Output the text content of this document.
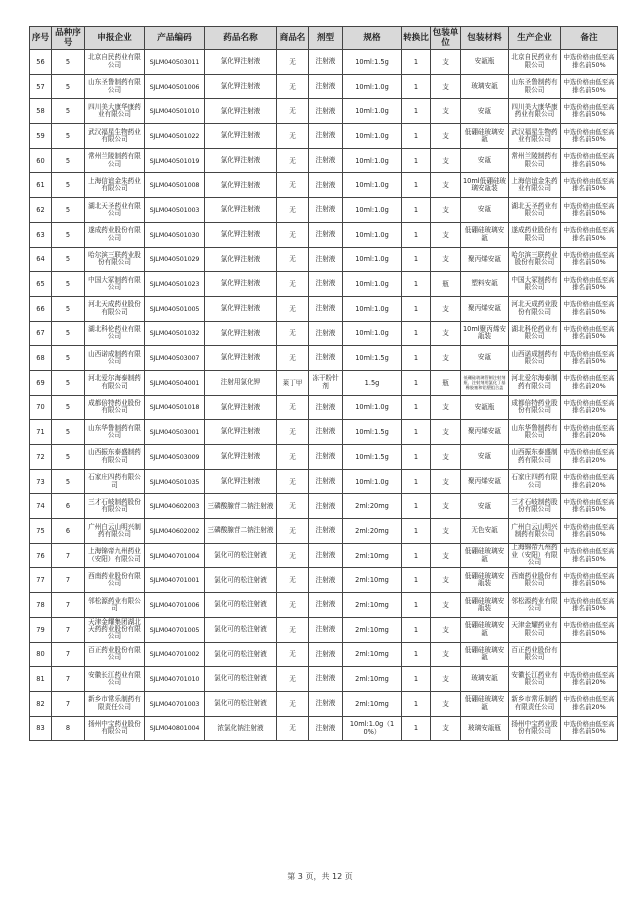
序号	品种序号	申报企业	产品编码	药品名称	商品名	剂型	规格	转换比	包装单位	包装材料	生产企业	备注
56	5	北京自民药业有限公司	SJLM040503011	氯化钾注射液	无	注射液	10ml:1.5g	1	支	安瓿瓶	北京自民药业有限公司	中选价格由低至高排名前50%
57	5	山东圣鲁制药有限公司	SJLM040501006	氯化钾注射液	无	注射液	10ml:1.0g	1	支	玻璃安瓿	山东圣鲁制药有限公司	中选价格由低至高排名前50%
58	5	四川美大康华康药业有限公司	SJLM040501010	氯化钾注射液	无	注射液	10ml:1.0g	1	支	安瓿	四川美大康华康药业有限公司	中选价格由低至高排名前50%
59	5	武汉福星生物药业有限公司	SJLM040501022	氯化钾注射液	无	注射液	10ml:1.0g	1	支	低硼硅玻璃安瓿	武汉福星生物药业有限公司	中选价格由低至高排名前50%
60	5	常州兰陵制药有限公司	SJLM040501019	氯化钾注射液	无	注射液	10ml:1.0g	1	支	安瓿	常州兰陵制药有限公司	中选价格由低至高排名前50%
61	5	上海信谊金朱药业有限公司	SJLM040501008	氯化钾注射液	无	注射液	10ml:1.0g	1	支	10ml低硼硅玻璃安瓿装	上海信谊金朱药业有限公司	中选价格由低至高排名前50%
62	5	湖北天圣药业有限公司	SJLM040501003	氯化钾注射液	无	注射液	10ml:1.0g	1	支	安瓿	湖北天圣药业有限公司	中选价格由低至高排名前50%
63	5	遂成药业股份有限公司	SJLM040501030	氯化钾注射液	无	注射液	10ml:1.0g	1	支	低硼硅玻璃安瓿	遂成药业股份有限公司	中选价格由低至高排名前50%
64	5	哈尔滨三联药业股份有限公司	SJLM040501029	氯化钾注射液	无	注射液	10ml:1.0g	1	支	聚丙烯安瓿	哈尔滨三联药业股份有限公司	中选价格由低至高排名前50%
65	5	中国大冢制药有限公司	SJLM040501023	氯化钾注射液	无	注射液	10ml:1.0g	1	瓶	塑料安瓿	中国大冢制药有限公司	中选价格由低至高排名前50%
66	5	河北天成药业股份有限公司	SJLM040501005	氯化钾注射液	无	注射液	10ml:1.0g	1	支	聚丙烯安瓿	河北天成药业股份有限公司	中选价格由低至高排名前50%
67	5	湖北科伦药业有限公司	SJLM040501032	氯化钾注射液	无	注射液	10ml:1.0g	1	支	10ml聚丙烯安瓿装	湖北科伦药业有限公司	中选价格由低至高排名前50%
68	5	山西诺成制药有限公司	SJLM040503007	氯化钾注射液	无	注射液	10ml:1.5g	1	支	安瓿	山西诺成制药有限公司	中选价格由低至高排名前50%
69	5	河北爱尔海泰制药有限公司	SJLM040504001	注射用氯化钾	莱丁甲	冻干粉针剂	1.5g	1	瓶	低硼硅玻璃管制注射剂瓶、注射剂用氯化丁基橡胶塞和铝塑组合盖	河北爱尔海泰制药有限公司	中选价格由低至高排名前20%
70	5	成都倍特药业股份有限公司	SJLM040501018	氯化钾注射液	无	注射液	10ml:1.0g	1	支	安瓿瓶	成都倍特药业股份有限公司	中选价格由低至高排名前20%
71	5	山东华鲁制药有限公司	SJLM040503001	氯化钾注射液	无	注射液	10ml:1.5g	1	支	聚丙烯安瓿	山东华鲁制药有限公司	中选价格由低至高排名前20%
72	5	山西振东泰盛制药有限公司	SJLM040503009	氯化钾注射液	无	注射液	10ml:1.5g	1	支	安瓿	山西振东泰盛制药有限公司	中选价格由低至高排名前20%
73	5	石家庄四药有限公司	SJLM040501035	氯化钾注射液	无	注射液	10ml:1.0g	1	支	聚丙烯安瓿	石家庄四药有限公司	中选价格由低至高排名前20%
74	6	三才石岐制药股份有限公司	SJLM040602003	三磷酸腺苷二钠注射液	无	注射液	2ml:20mg	1	支	安瓿	三才石岐制药股份有限公司	中选价格由低至高排名前50%
75	6	广州白云山明兴制药有限公司	SJLM040602002	三磷酸腺苷二钠注射液	无	注射液	2ml:20mg	1	支	无色安瓿	广州白云山明兴制药有限公司	中选价格由低至高排名前50%
76	7	上海锦帝九州药业（安阳）有限公司	SJLM040701004	氯化可的松注射液	无	注射液	2ml:10mg	1	支	低硼硅玻璃安瓿	上海锦帝九州药业（安阳）有限公司	中选价格由低至高排名前50%
77	7	西南药业股份有限公司	SJLM040701001	氯化可的松注射液	无	注射液	2ml:10mg	1	支	低硼硅玻璃安瓿装	西南药业股份有限公司	中选价格由低至高排名前50%
78	7	邻松源药业有限公司	SJLM040701006	氯化可的松注射液	无	注射液	2ml:10mg	1	支	低硼硅玻璃安瓿装	邻松源药业有限公司	中选价格由低至高排名前50%
79	7	天津金耀集团湖北天药药业股份有限公司	SJLM040701005	氯化可的松注射液	无	注射液	2ml:10mg	1	支	低硼硅玻璃安瓿	天津金耀药业有限公司	中选价格由低至高排名前50%
80	7	百正药业股份有限公司	SJLM040701002	氯化可的松注射液	无	注射液	2ml:10mg	1	支	低硼硅玻璃安瓿	百正药业股份有限公司	
81	7	安徽长江药业有限公司	SJLM040701010	氯化可的松注射液	无	注射液	2ml:10mg	1	支	玻璃安瓿	安徽长江药业有限公司	中选价格由低至高排名前20%
82	7	新乡市常乐制药有限责任公司	SJLM040701003	氯化可的松注射液	无	注射液	2ml:10mg	1	支	低硼硅玻璃安瓿	新乡市常乐制药有限责任公司	中选价格由低至高排名前20%
83	8	扬州中宝药业股份有限公司	SJLM040801004	浓氯化钠注射液	无	注射液	10ml:1.0g（10%）	1	支	玻璃安瓿瓶	扬州中宝药业股份有限公司	中选价格由低至高排名前50%
第 3 页，共 12 页
